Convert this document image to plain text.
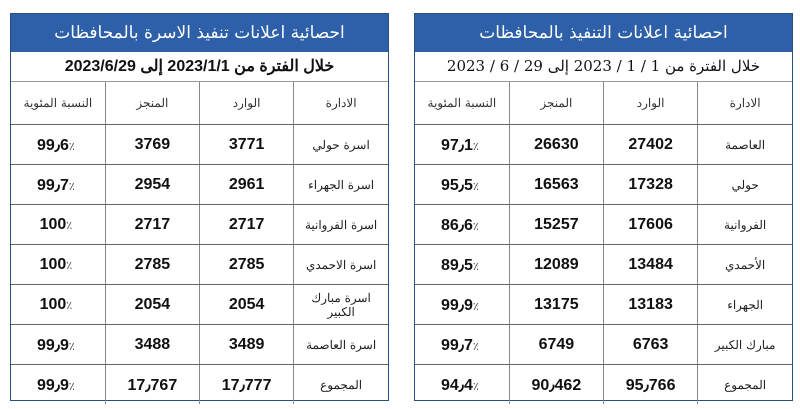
احصائية اعلانات تنفيذ الاسرة بالمحافظات
خلال الفترة من 2023/1/1 إلى 2023/6/29
الادارة	الوارد	المنجز	النسبة المئوية
اسرة حولي	3771	3769	99٫6٪
اسرة الجهراء	2961	2954	99٫7٪
اسرة الفروانية	2717	2717	100٪
اسرة الاحمدي	2785	2785	100٪
اسرة مبارك الكبير	2054	2054	100٪
اسرة العاصمة	3489	3488	99٫9٪
المجموع	17٫777	17٫767	99٫9٪
احصائية اعلانات التنفيذ بالمحافظات
خلال الفترة من 1 / 1 / 2023 إلى 29 / 6 / 2023
الادارة	الوارد	المنجز	النسبة المئوية
العاصمة	27402	26630	97٫1٪
حولي	17328	16563	95٫5٪
الفروانية	17606	15257	86٫6٪
الأحمدي	13484	12089	89٫5٪
الجهراء	13183	13175	99٫9٪
مبارك الكبير	6763	6749	99٫7٪
المجموع	95٫766	90٫462	94٫4٪
